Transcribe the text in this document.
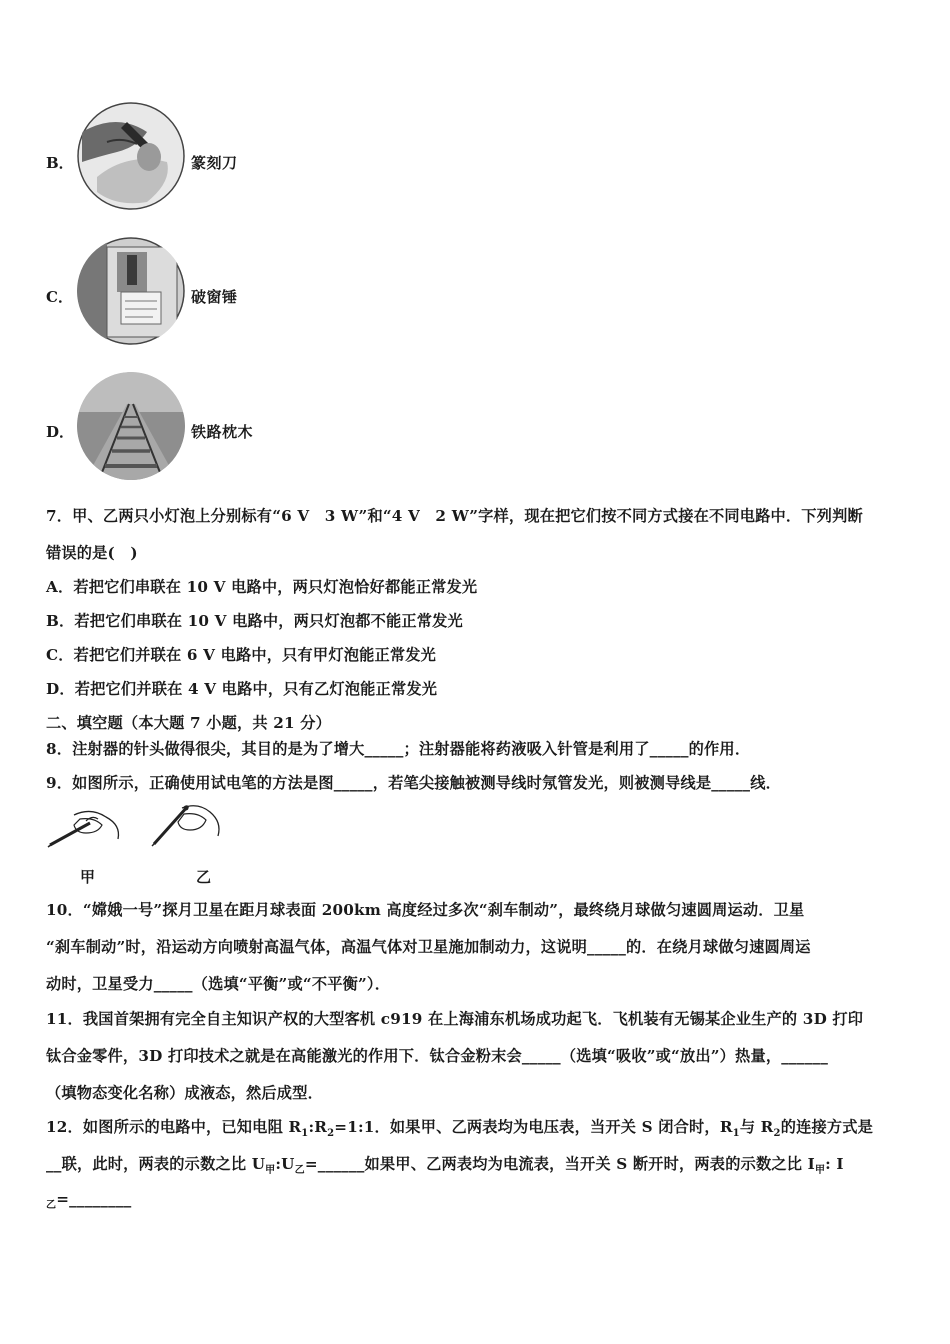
B．	篆刻刀
C．	破窗锤
D．	铁路枕木
7．甲、乙两只小灯泡上分别标有“6 V　3 W”和“4 V　2 W”字样，现在把它们按不同方式接在不同电路中．下列判断
错误的是(　)
A．若把它们串联在 10 V 电路中，两只灯泡恰好都能正常发光
B．若把它们串联在 10 V 电路中，两只灯泡都不能正常发光
C．若把它们并联在 6 V 电路中，只有甲灯泡能正常发光
D．若把它们并联在 4 V 电路中，只有乙灯泡能正常发光
二、填空题（本大题 7 小题，共 21 分）
8．注射器的针头做得很尖，其目的是为了增大_____；注射器能将药液吸入针管是利用了_____的作用．
9．如图所示，正确使用试电笔的方法是图_____，若笔尖接触被测导线时氖管发光，则被测导线是_____线．
甲	乙
10．“嫦娥一号”探月卫星在距月球表面 200km 高度经过多次“刹车制动”，最终绕月球做匀速圆周运动．卫星
“刹车制动”时，沿运动方向喷射高温气体，高温气体对卫星施加制动力，这说明_____的．在绕月球做匀速圆周运
动时，卫星受力_____（选填“平衡”或“不平衡”）．
11．我国首架拥有完全自主知识产权的大型客机 c919 在上海浦东机场成功起飞．飞机装有无锡某企业生产的 3D 打印
钛合金零件，3D 打印技术之就是在高能激光的作用下．钛合金粉末会_____（选填“吸收”或“放出”）热量，______
（填物态变化名称）成液态，然后成型．
12．如图所示的电路中，已知电阻 $R_1:R_2=1:1$．如果甲、乙两表均为电压表，当开关 S 闭合时，$R_1$与 $R_2$的连接方式是
__联，此时，两表的示数之比 $U_甲:U_乙=\_\_\_\_\_\_$如果甲、乙两表均为电流表，当开关 S 断开时，两表的示数之比 $I_甲$: I
$_乙$=________
